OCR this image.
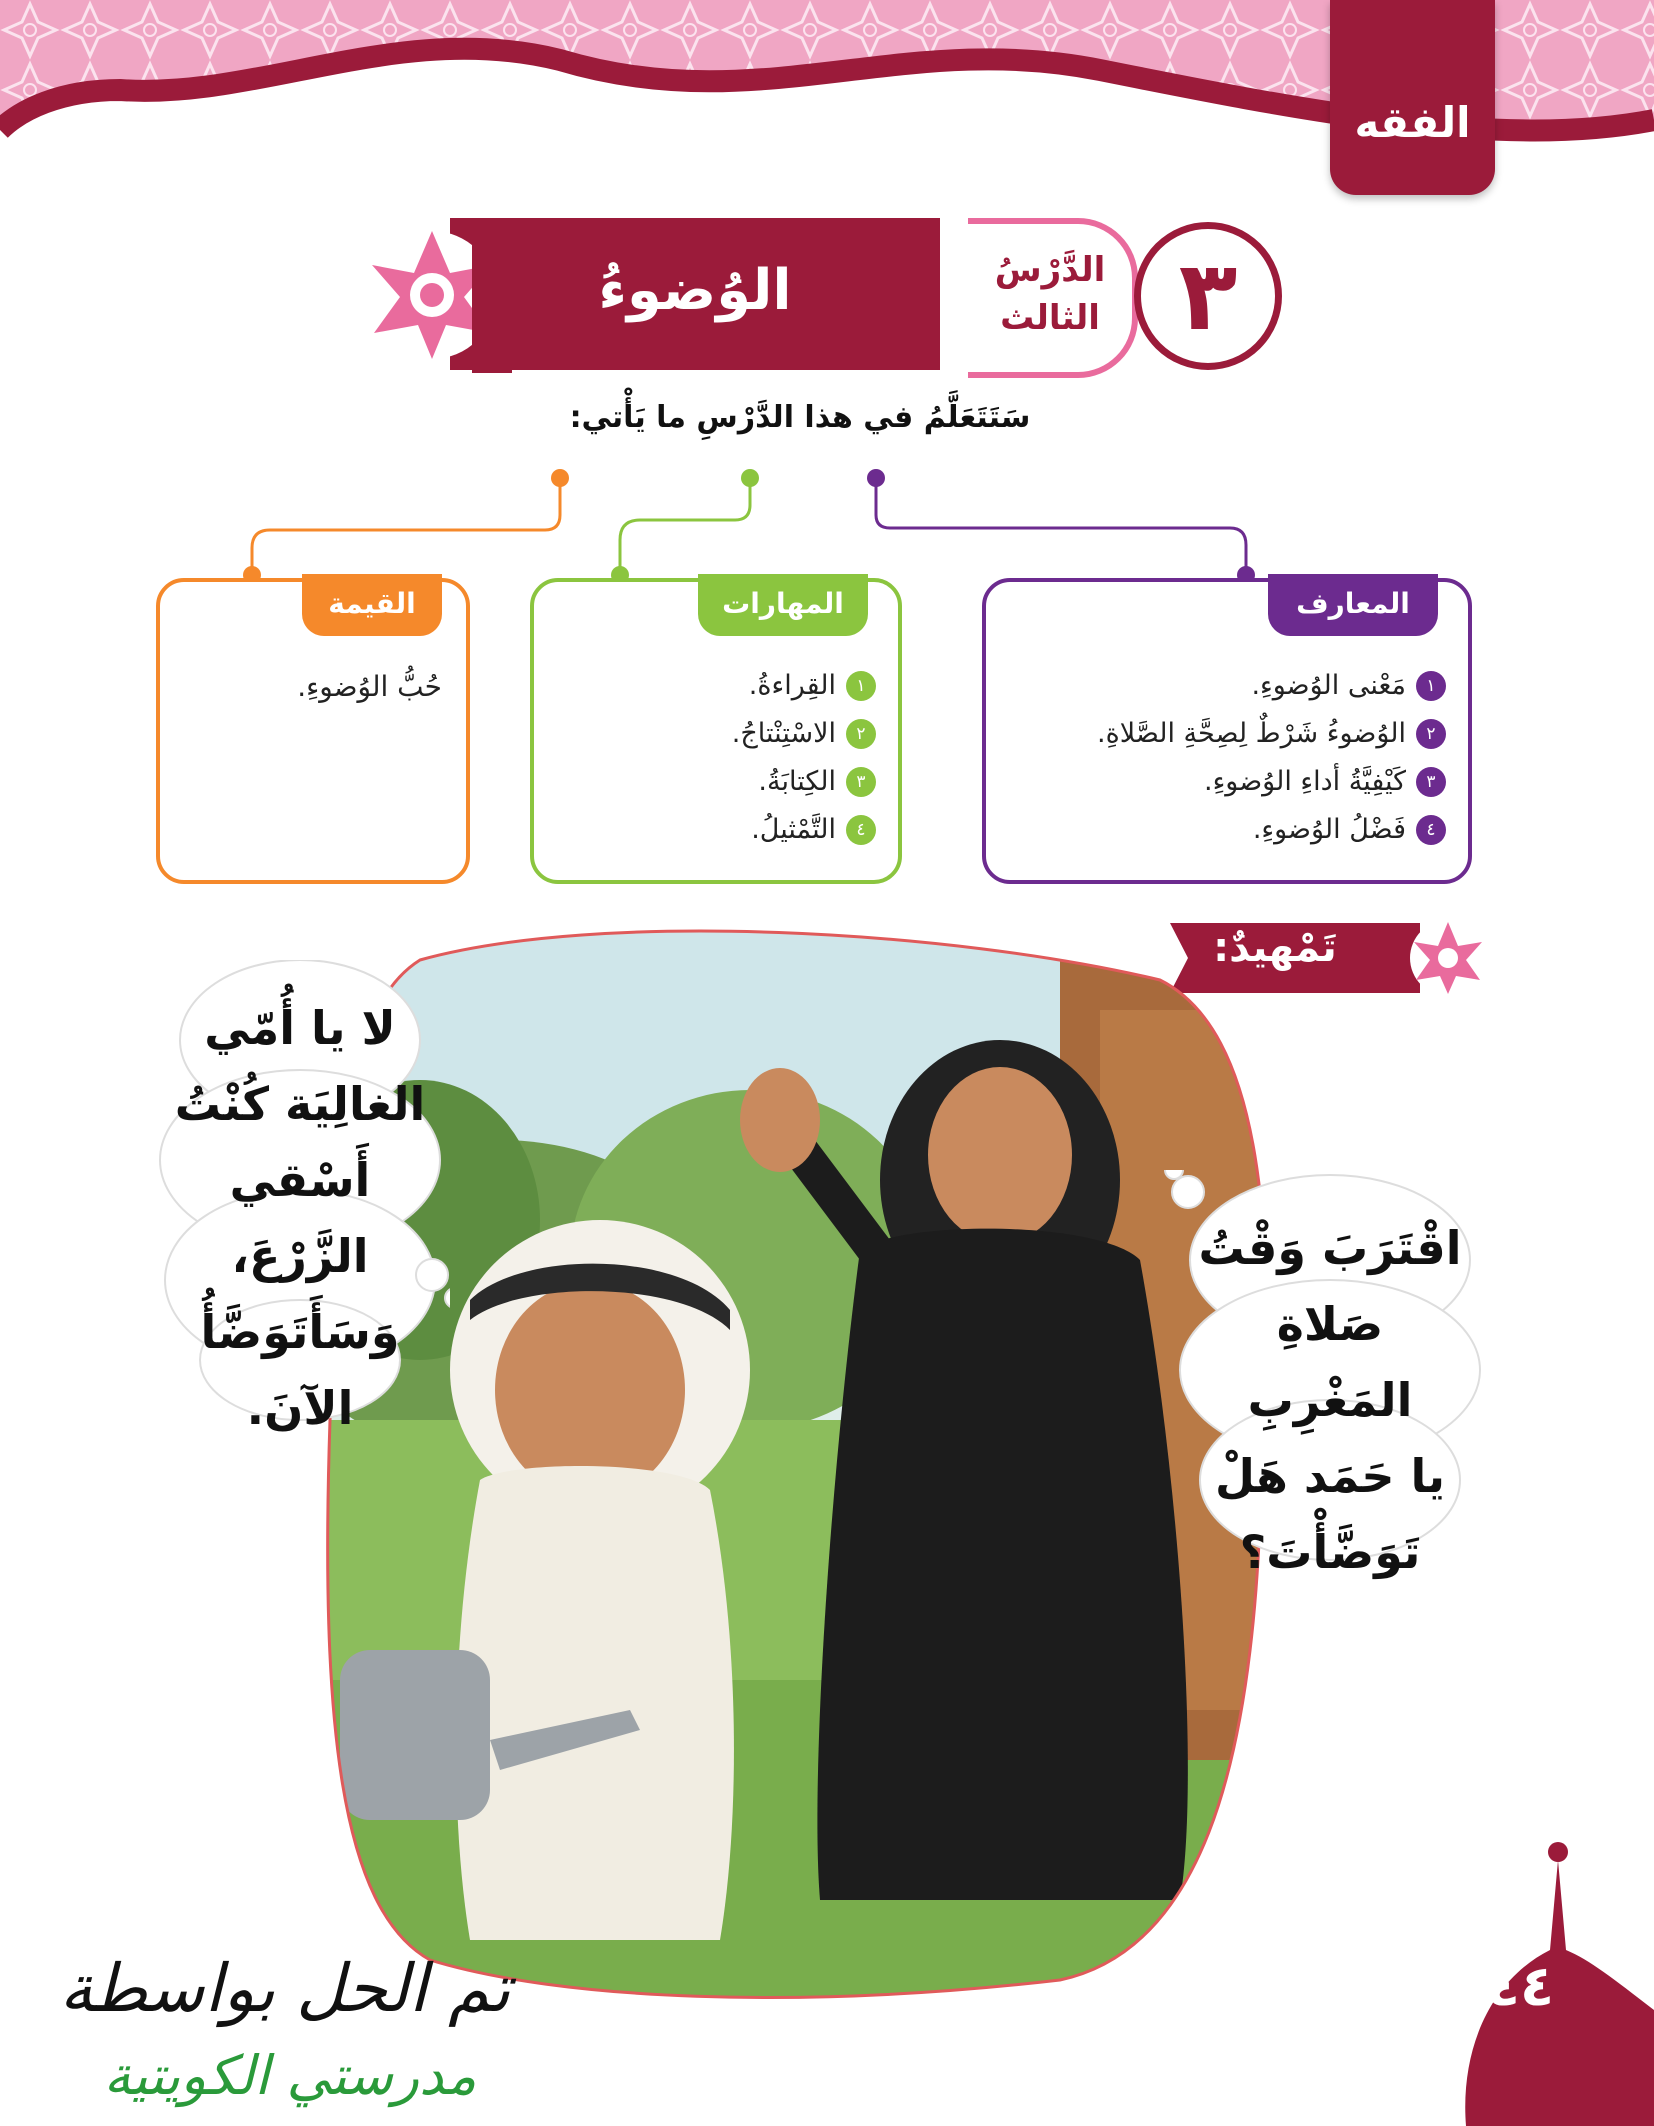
الفقه
الوُضوءُ	الدَّرْسُ
الثالث ٣
سَتَتَعَلَّمُ في هذا الدَّرْسِ ما يَأْتي:
المعارف
١
مَعْنى الوُضوءِ.
٢
الوُضوءُ شَرْطٌ لِصِحَّةِ الصَّلاةِ.
٣
كَيْفِيَّةُ أداءِ الوُضوءِ.
٤
فَضْلُ الوُضوءِ.
المهارات
١
القِراءةُ.
٢
الاسْتِنْتاجُ.
٣
الكِتابَةُ.
٤
التَّمْثيلُ.
القيمة
حُبُّ الوُضوءِ.
تَمْهيدٌ:
لا يا أُمّي
الغالِيَة كُنْتُ
أَسْقي الزَّرْعَ،
وَسَأَتَوَضَّأُ
الآنَ.
اقْتَرَبَ وَقْتُ
صَلاةِ المَغْرِبِ
يا حَمَد هَلْ
تَوَضَّأْتَ؟
٤٤
تم الحل بواسطة
مدرستي الكويتية
